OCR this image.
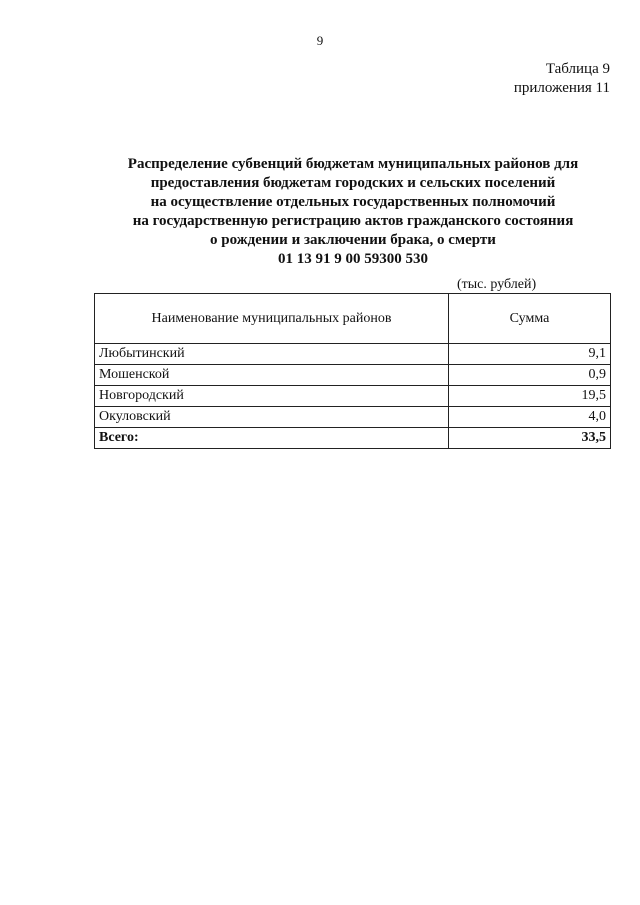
9
Таблица 9
приложения 11
Распределение субвенций бюджетам муниципальных районов для
предоставления бюджетам городских и сельских поселений
на осуществление отдельных государственных полномочий
на государственную регистрацию актов гражданского состояния
о рождении и заключении брака, о смерти
01 13 91 9 00 59300 530
(тыс. рублей)
Наименование муниципальных районов	Сумма
Любытинский	9,1
Мошенской	0,9
Новгородский	19,5
Окуловский	4,0
Всего:	33,5
